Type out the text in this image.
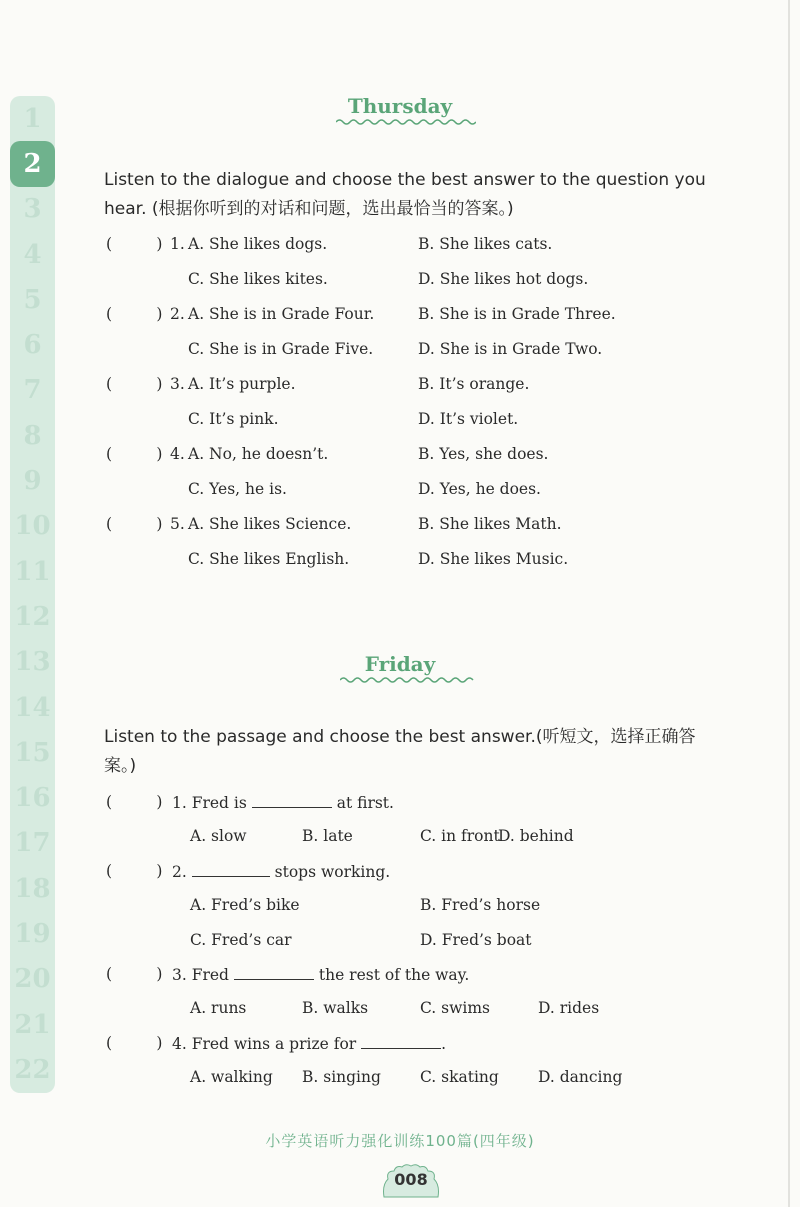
1
2
3
4
5
6
7
8
9
10
11
12
13
14
15
16
17
18
19
20
21
22
Thursday
Listen to the dialogue and choose the best answer to the question you hear. (根据你听到的对话和问题，选出最恰当的答案。)
(         ) 1. A. She likes dogs.	B. She likes cats.
C. She likes kites.	D. She likes hot dogs.
(         ) 2. A. She is in Grade Four.	B. She is in Grade Three.
C. She is in Grade Five.	D. She is in Grade Two.
(         ) 3. A. It’s purple.	B. It’s orange.
C. It’s pink.	D. It’s violet.
(         ) 4. A. No, he doesn’t.	B. Yes, she does.
C. Yes, he is.	D. Yes, he does.
(         ) 5. A. She likes Science.	B. She likes Math.
C. She likes English.	D. She likes Music.
Friday
Listen to the passage and choose the best answer.(听短文，选择正确答案。)
(         ) 1. Fred is	at first.
A. slow	B. late	C. in front
D. behind
(         ) 2.	stops working.
A. Fred’s bike	B. Fred’s horse
C. Fred’s car	D. Fred’s boat
(         ) 3. Fred	the rest of the way.
A. runs	B. walks	C. swims	D. rides
(         ) 4. Fred wins a prize for	.
A. walking B. singing	C. skating	D. dancing
小学英语听力强化训练100篇(四年级)
008
